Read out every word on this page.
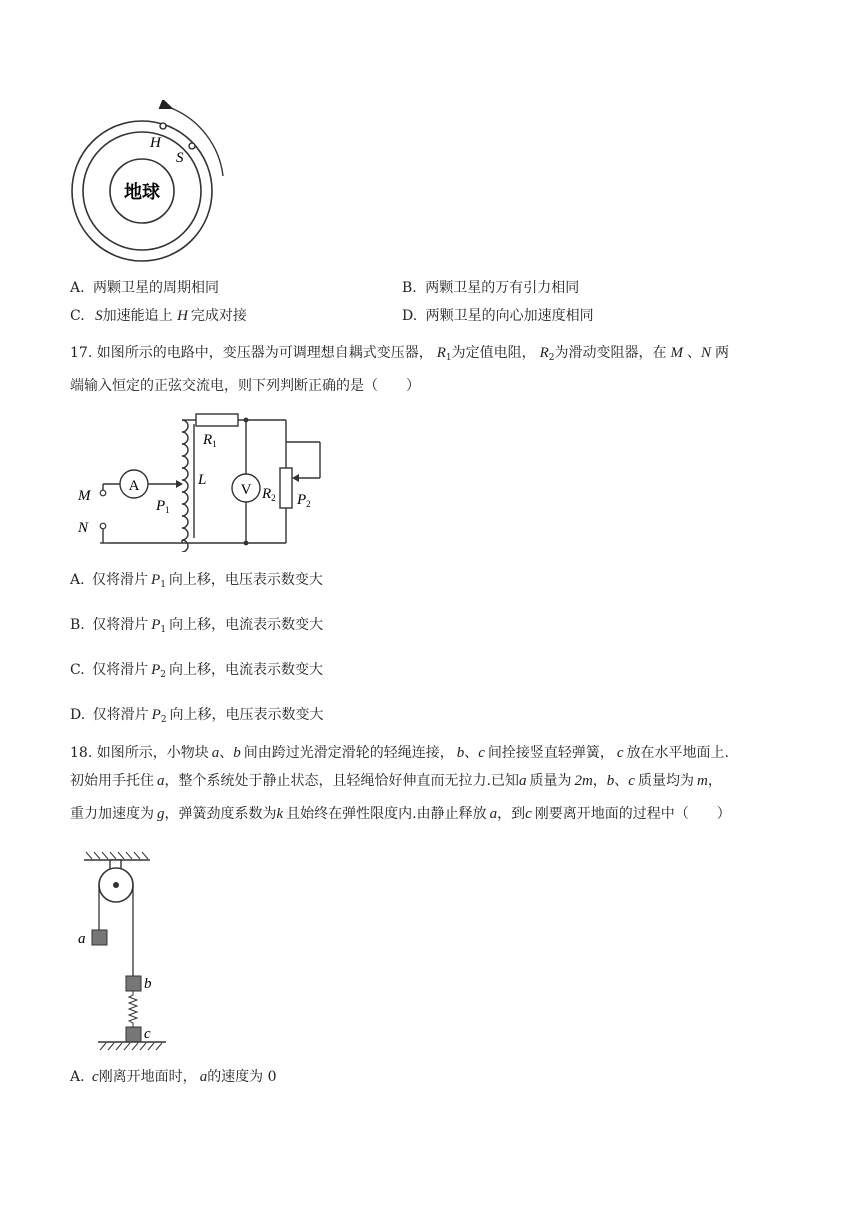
地球
H
S
A. 两颗卫星的周期相同	B. 两颗卫星的万有引力相同
C. S加速能追上 H 完成对接	D. 两颗卫星的向心加速度相同
17. 如图所示的电路中，变压器为可调理想自耦式变压器， $R_1$为定值电阻， $R_2$为滑动变阻器，在 M 、N 两
端输入恒定的正弦交流电，则下列判断正确的是（　　）
A	V
$R_1$
L
$P_1$
$R_2$ $P_2$
M
N
A. 仅将滑片 $P_1$ 向上移，电压表示数变大
B. 仅将滑片 $P_1$ 向上移，电流表示数变大
C. 仅将滑片 $P_2$ 向上移，电流表示数变大
D. 仅将滑片 $P_2$ 向上移，电压表示数变大
18. 如图所示，小物块 a、b 间由跨过光滑定滑轮的轻绳连接， b、c 间拴接竖直轻弹簧， c 放在水平地面上.
初始用手托住 a，整个系统处于静止状态，且轻绳恰好伸直而无拉力.已知a 质量为 2m，b、c 质量均为 m，
重力加速度为 g，弹簧劲度系数为k 且始终在弹性限度内.由静止释放 a，到c 刚要离开地面的过程中（　　）
a
b
c
A. c刚离开地面时， a的速度为 0
